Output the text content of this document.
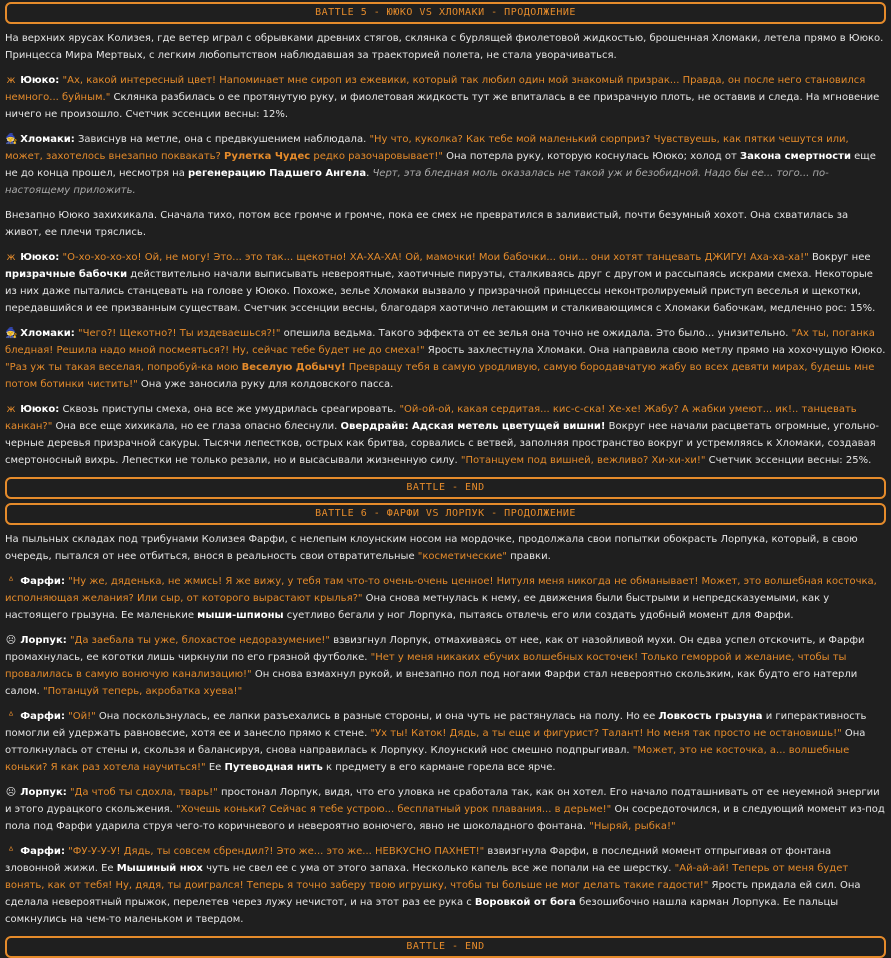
BATTLE 5 - ЮЮКО VS ХЛОМАКИ - ПРОДОЛЖЕНИЕ

На верхних ярусах Колизея, где ветер играл с обрывками древних стягов, склянка с бурлящей фиолетовой жидкостью, брошенная Хломаки, летела прямо в Ююко. Принцесса Мира Мертвых, с легким любопытством наблюдавшая за траекторией полета, не стала уворачиваться.

ж Ююко: "Ах, какой интересный цвет! Напоминает мне сироп из ежевики, который так любил один мой знакомый призрак... Правда, он после него становился немного... буйным." Склянка разбилась о ее протянутую руку, и фиолетовая жидкость тут же впиталась в ее призрачную плоть, не оставив и следа. На мгновение ничего не произошло. Счетчик эссенции весны: 12%.

🧙 Хломаки: Зависнув на метле, она с предвкушением наблюдала. "Ну что, куколка? Как тебе мой маленький сюрприз? Чувствуешь, как пятки чешутся или, может, захотелось внезапно поквакать? Рулетка Чудес редко разочаровывает!" Она потерла руку, которую коснулась Ююко; холод от Закона смертности еще не до конца прошел, несмотря на регенерацию Падшего Ангела. Черт, эта бледная моль оказалась не такой уж и безобидной. Надо бы ее... того... по-настоящему приложить.

Внезапно Ююко захихикала. Сначала тихо, потом все громче и громче, пока ее смех не превратился в заливистый, почти безумный хохот. Она схватилась за живот, ее плечи тряслись.

ж Ююко: "О-хо-хо-хо-хо! Ой, не могу! Это... это так... щекотно! ХА-ХА-ХА! Ой, мамочки! Мои бабочки... они... они хотят танцевать ДЖИГУ! Аха-ха-ха!" Вокруг нее призрачные бабочки действительно начали выписывать невероятные, хаотичные пируэты, сталкиваясь друг с другом и рассыпаясь искрами смеха. Некоторые из них даже пытались станцевать на голове у Ююко. Похоже, зелье Хломаки вызвало у призрачной принцессы неконтролируемый приступ веселья и щекотки, передавшийся и ее призванным существам. Счетчик эссенции весны, благодаря хаотично летающим и сталкивающимся с Хломаки бабочкам, медленно рос: 15%.

🧙 Хломаки: "Чего?! Щекотно?! Ты издеваешься?!" опешила ведьма. Такого эффекта от ее зелья она точно не ожидала. Это было... унизительно. "Ах ты, поганка бледная! Решила надо мной посмеяться?! Ну, сейчас тебе будет не до смеха!" Ярость захлестнула Хломаки. Она направила свою метлу прямо на хохочущую Ююко. "Раз уж ты такая веселая, попробуй-ка мою Веселую Добычу! Превращу тебя в самую уродливую, самую бородавчатую жабу во всех девяти мирах, будешь мне потом ботинки чистить!" Она уже заносила руку для колдовского пасса.

ж Ююко: Сквозь приступы смеха, она все же умудрилась среагировать. "Ой-ой-ой, какая сердитая... кис-с-ска! Хе-хе! Жабу? А жабки умеют... ик!.. танцевать канкан?" Она все еще хихикала, но ее глаза опасно блеснули. Овердрайв: Адская метель цветущей вишни! Вокруг нее начали расцветать огромные, угольно-черные деревья призрачной сакуры. Тысячи лепестков, острых как бритва, сорвались с ветвей, заполняя пространство вокруг и устремляясь к Хломаки, создавая смертоносный вихрь. Лепестки не только резали, но и высасывали жизненную силу. "Потанцуем под вишней, вежливо? Хи-хи-хи!" Счетчик эссенции весны: 25%.

BATTLE - END
BATTLE 6 - ФАРФИ VS ЛОРПУК - ПРОДОЛЖЕНИЕ

На пыльных складах под трибунами Колизея Фарфи, с нелепым клоунским носом на мордочке, продолжала свои попытки обокрасть Лорпука, который, в свою очередь, пытался от нее отбиться, внося в реальность свои отвратительные "косметические" правки.

ᐞ Фарфи: "Ну же, дяденька, не жмись! Я же вижу, у тебя там что-то очень-очень ценное! Нитуля меня никогда не обманывает! Может, это волшебная косточка, исполняющая желания? Или сыр, от которого вырастают крылья?" Она снова метнулась к нему, ее движения были быстрыми и непредсказуемыми, как у настоящего грызуна. Ее маленькие мыши-шпионы суетливо бегали у ног Лорпука, пытаясь отвлечь его или создать удобный момент для Фарфи.

☹ Лорпук: "Да заебала ты уже, блохастое недоразумение!" взвизгнул Лорпук, отмахиваясь от нее, как от назойливой мухи. Он едва успел отскочить, и Фарфи промахнулась, ее коготки лишь чиркнули по его грязной футболке. "Нет у меня никаких ебучих волшебных косточек! Только геморрой и желание, чтобы ты провалилась в самую вонючую канализацию!" Он снова взмахнул рукой, и внезапно пол под ногами Фарфи стал невероятно скользким, как будто его натерли салом. "Потанцуй теперь, акробатка хуева!"

ᐞ Фарфи: "Ой!" Она поскользнулась, ее лапки разъехались в разные стороны, и она чуть не растянулась на полу. Но ее Ловкость грызуна и гиперактивность помогли ей удержать равновесие, хотя ее и занесло прямо к стене. "Ух ты! Каток! Дядь, а ты еще и фигурист? Талант! Но меня так просто не остановишь!" Она оттолкнулась от стены и, скользя и балансируя, снова направилась к Лорпуку. Клоунский нос смешно подпрыгивал. "Может, это не косточка, а... волшебные коньки? Я как раз хотела научиться!" Ее Путеводная нить к предмету в его кармане горела все ярче.

☹ Лорпук: "Да чтоб ты сдохла, тварь!" простонал Лорпук, видя, что его уловка не сработала так, как он хотел. Его начало подташнивать от ее неуемной энергии и этого дурацкого скольжения. "Хочешь коньки? Сейчас я тебе устрою... бесплатный урок плавания... в дерьме!" Он сосредоточился, и в следующий момент из-под пола под Фарфи ударила струя чего-то коричневого и невероятно вонючего, явно не шоколадного фонтана. "Ныряй, рыбка!"

ᐞ Фарфи: "ФУ-У-У-У! Дядь, ты совсем сбрендил?! Это же... это же... НЕВКУСНО ПАХНЕТ!" взвизгнула Фарфи, в последний момент отпрыгивая от фонтана зловонной жижи. Ее Мышиный нюх чуть не свел ее с ума от этого запаха. Несколько капель все же попали на ее шерстку. "Ай-ай-ай! Теперь от меня будет вонять, как от тебя! Ну, дядя, ты доигрался! Теперь я точно заберу твою игрушку, чтобы ты больше не мог делать такие гадости!" Ярость придала ей сил. Она сделала невероятный прыжок, перелетев через лужу нечистот, и на этот раз ее рука с Воровкой от бога безошибочно нашла карман Лорпука. Ее пальцы сомкнулись на чем-то маленьком и твердом.

BATTLE - END
